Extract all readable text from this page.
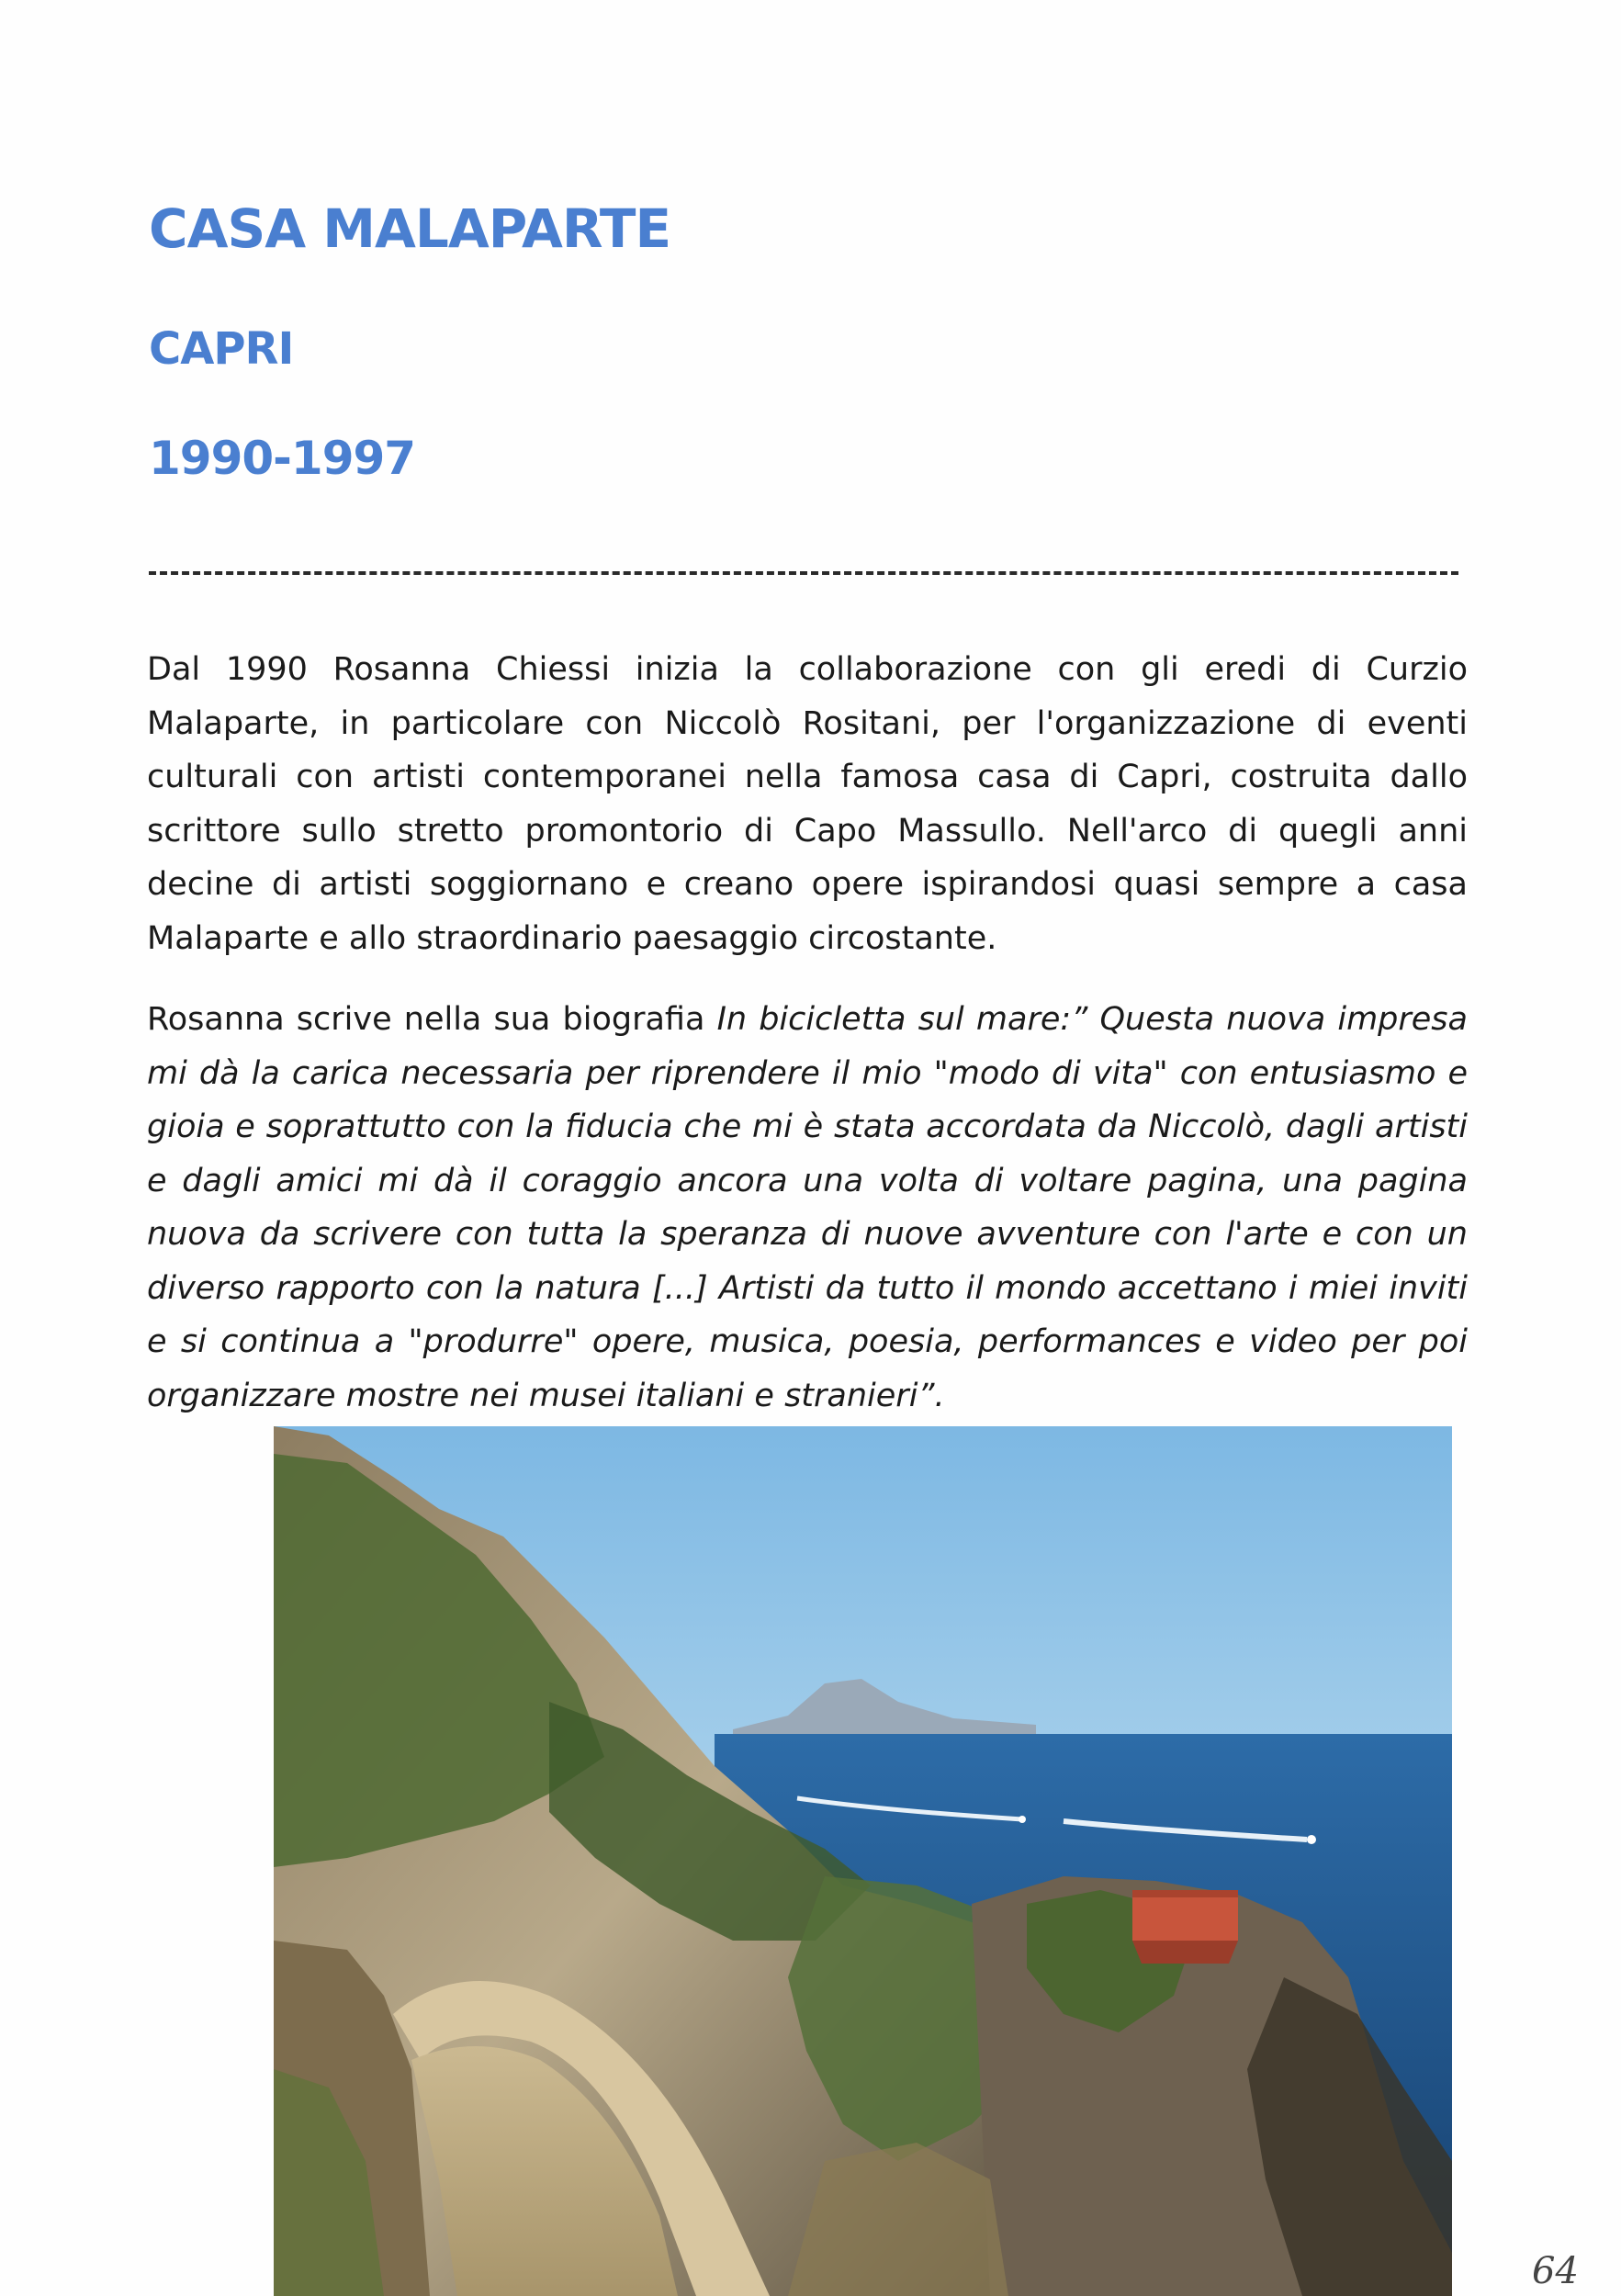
CASA MALAPARTE
CAPRI
1990-1997

Dal 1990 Rosanna Chiessi inizia la collaborazione con gli eredi di Curzio Malaparte, in particolare con Niccolò Rositani, per l'organizzazione di eventi culturali con artisti contemporanei nella famosa casa di Capri, costruita dallo scrittore sullo stretto promontorio di Capo Massullo. Nell'arco di quegli anni decine di artisti soggiornano e creano opere ispirandosi quasi sempre a casa Malaparte e allo straordinario paesaggio circostante.

Rosanna scrive nella sua biografia In bicicletta sul mare:” Questa nuova impresa mi dà la carica necessaria per riprendere il mio "modo di vita" con entusiasmo e gioia e soprattutto con la fiducia che mi è stata accordata da Niccolò, dagli artisti e dagli amici mi dà il coraggio ancora una volta di voltare pagina, una pagina nuova da scrivere con tutta la speranza di nuove avventure con l'arte e con un diverso rapporto con la natura [...] Artisti da tutto il mondo accettano i miei inviti e si continua a "produrre" opere, musica, poesia, performances e video per poi organizzare mostre nei musei italiani e stranieri”.

64
